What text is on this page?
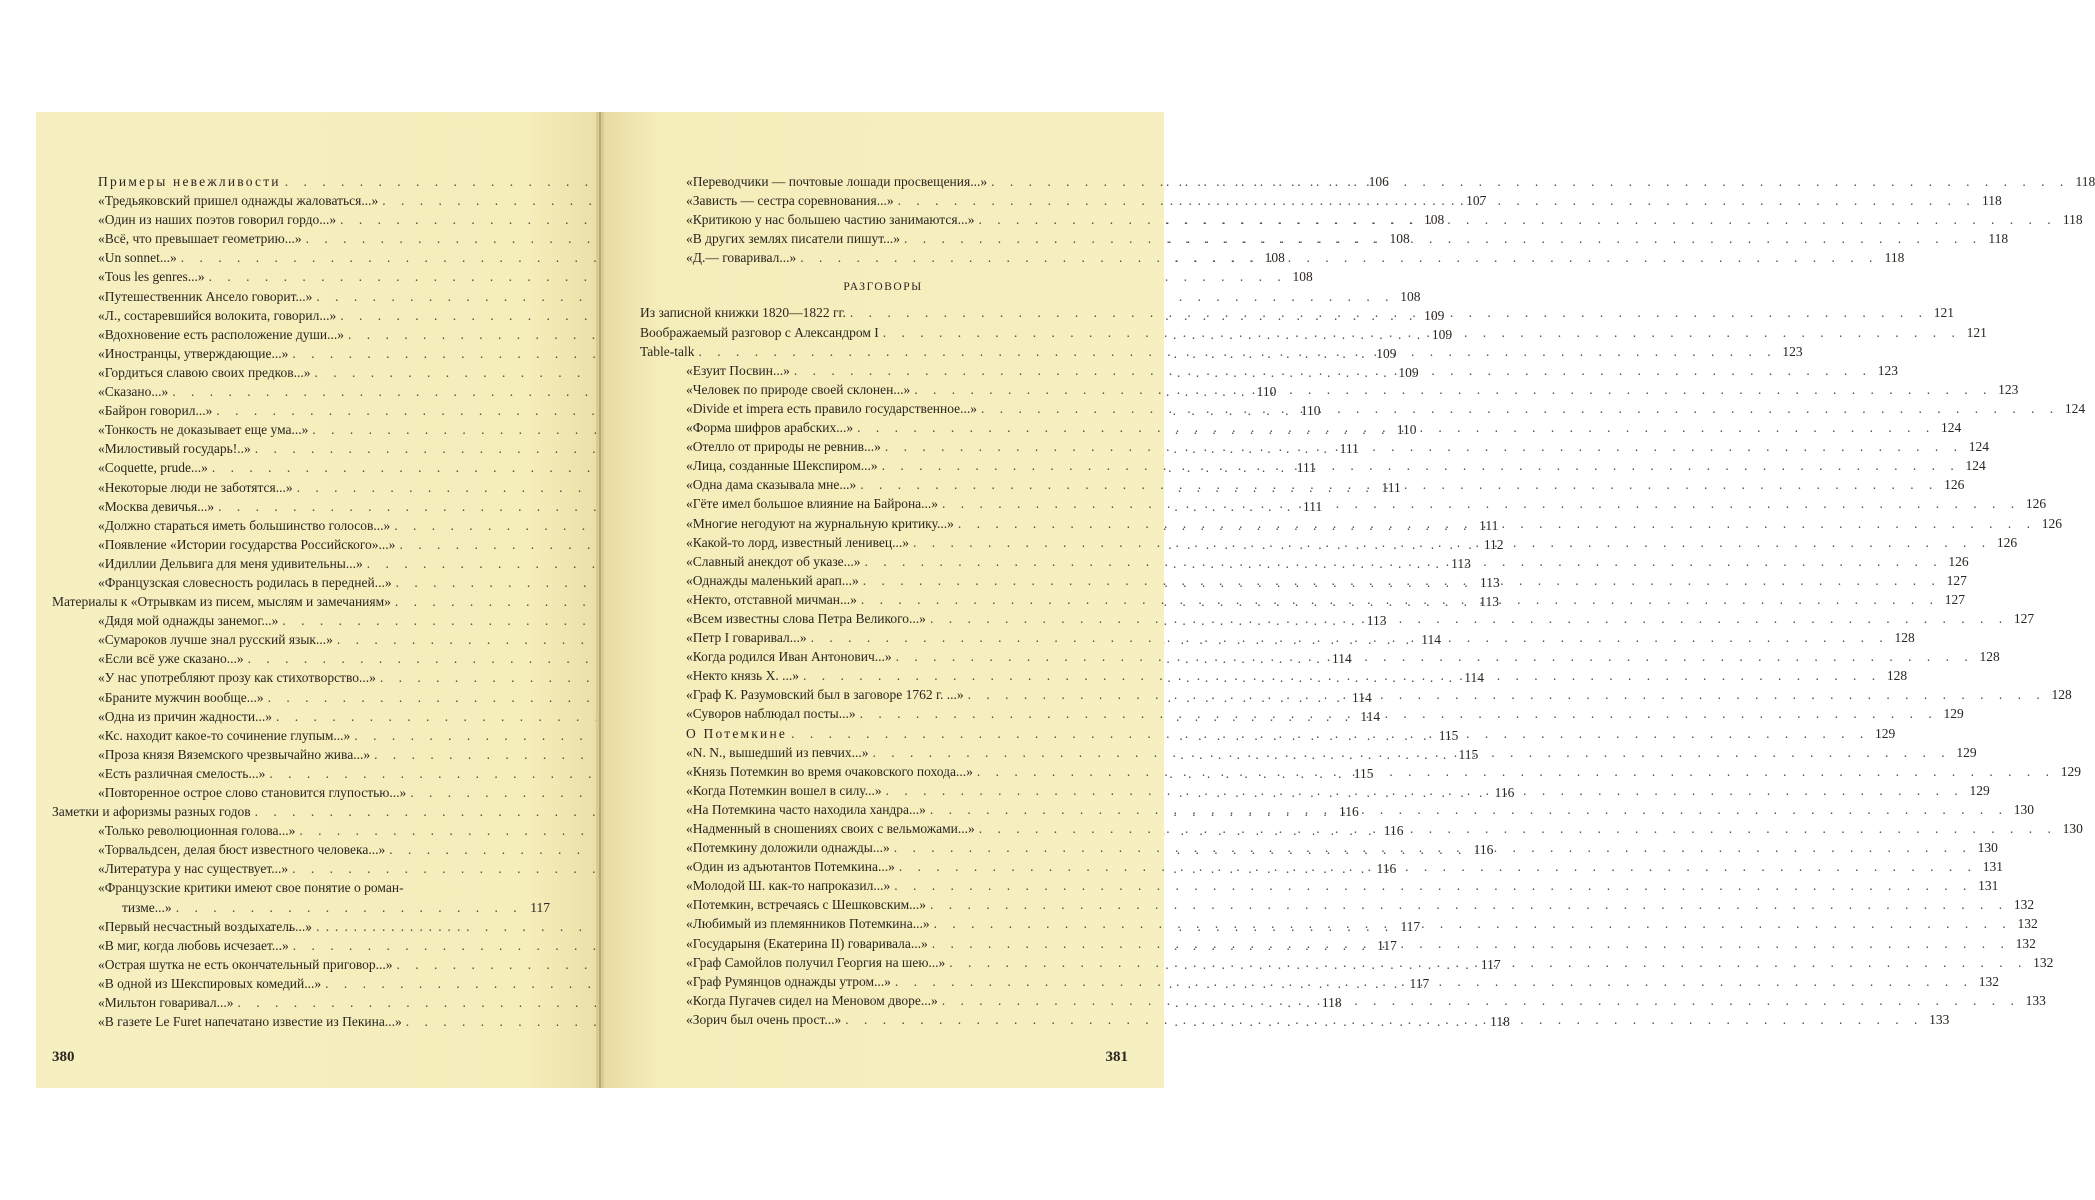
Примеры невежливости . . .	106
«Тредьяковский пришел однажды жаловаться...» . . .	107
«Один из наших поэтов говорил гордо...» . . .	108
«Всё, что превышает геометрию...» . . .	108
«Un sonnet...» . . .	108
«Tous les genres...» . . .	108
«Путешественник Ансело говорит...» . . .	108
«Л., состаревшийся волокита, говорил...» . . .	109
«Вдохновение есть расположение души...» . . .	109
«Иностранцы, утверждающие...» . . .	109
«Гордиться славою своих предков...» . . .	109
«Сказано...» . . .	110
«Байрон говорил...» . . .	110
«Тонкость не доказывает еще ума...» . . .	110
«Милостивый государь!..» . . .	111
«Coquette, prude...» . . .	111
«Некоторые люди не заботятся...» . . .	111
«Москва девичья...» . . .	111
«Должно стараться иметь большинство голосов...» . . .	111
«Появление «Истории государства Российского»...» . . .	112
«Идиллии Дельвига для меня удивительны...» . . .	113
«Французская словесность родилась в передней...» . . .	113
Материалы к «Отрывкам из писем, мыслям и замечаниям» . . .	113
«Дядя мой однажды занемог...» . . .	113
«Сумароков лучше знал русский язык...» . . .	114
«Если всё уже сказано...» . . .	114
«У нас употребляют прозу как стихотворство...» . . .	114
«Браните мужчин вообще...» . . .	114
«Одна из причин жадности...» . . .	114
«Кс. находит какое-то сочинение глупым...» . . .	115
«Проза князя Вяземского чрезвычайно жива...» . . .	115
«Есть различная смелость...» . . .	115
«Повторенное острое слово становится глупостью...» . . .	116
Заметки и афоризмы разных годов . . .	116
«Только революционная голова...» . . .	116
«Торвальдсен, делая бюст известного человека...» . . .	116
«Литература у нас существует...» . . .	116
«Французские критики имеют свое понятие о роман-
тизме...» . . .	117
«Первый несчастный воздыхатель...» . . .	117
«В миг, когда любовь исчезает...» . . .	117
«Острая шутка не есть окончательный приговор...» . . .	117
«В одной из Шекспировых комедий...» . . .	117
«Мильтон говаривал...» . . .	118
«В газете Le Furet напечатано известие из Пекина...» . . .	118
380
«Переводчики — почтовые лошади просвещения...» . . .	118
«Зависть — сестра соревнования...» . . .	118
«Критикою у нас большею частию занимаются...» . . .	118
«В других землях писатели пишут...» . . .	118
«Д.— говаривал...» . . .	118
РАЗГОВОРЫ
Из записной книжки 1820—1822 гг. . . .	121
Воображаемый разговор с Александром I . . .	121
Table-talk . . .	123
«Езуит Посвин...» . . .	123
«Человек по природе своей склонен...» . . .	123
«Divide et impera есть правило государственное...» . . .	124
«Форма шифров арабских...» . . .	124
«Отелло от природы не ревнив...» . . .	124
«Лица, созданные Шекспиром...» . . .	124
«Одна дама сказывала мне...» . . .	126
«Гёте имел большое влияние на Байрона...» . . .	126
«Многие негодуют на журнальную критику...» . . .	126
«Какой-то лорд, известный ленивец...» . . .	126
«Славный анекдот об указе...» . . .	126
«Однажды маленький арап...» . . .	127
«Некто, отставной мичман...» . . .	127
«Всем известны слова Петра Великого...» . . .	127
«Петр I говаривал...» . . .	128
«Когда родился Иван Антонович...» . . .	128
«Некто князь Х. ...» . . .	128
«Граф К. Разумовский был в заговоре 1762 г. ...» . . .	128
«Суворов наблюдал посты...» . . .	129
О Потемкине . . .	129
«N. N., вышедший из певчих...» . . .	129
«Князь Потемкин во время очаковского похода...» . . .	129
«Когда Потемкин вошел в силу...» . . .	129
«На Потемкина часто находила хандра...» . . .	130
«Надменный в сношениях своих с вельможами...» . . .	130
«Потемкину доложили однажды...» . . .	130
«Один из адъютантов Потемкина...» . . .	131
«Молодой Ш. как-то напроказил...» . . .	131
«Потемкин, встречаясь с Шешковским...» . . .	132
«Любимый из племянников Потемкина...» . . .	132
«Государыня (Екатерина II) говаривала...» . . .	132
«Граф Самойлов получил Георгия на шею...» . . .	132
«Граф Румянцов однажды утром...» . . .	132
«Когда Пугачев сидел на Меновом дворе...» . . .	133
«Зорич был очень прост...» . . .	133
381
